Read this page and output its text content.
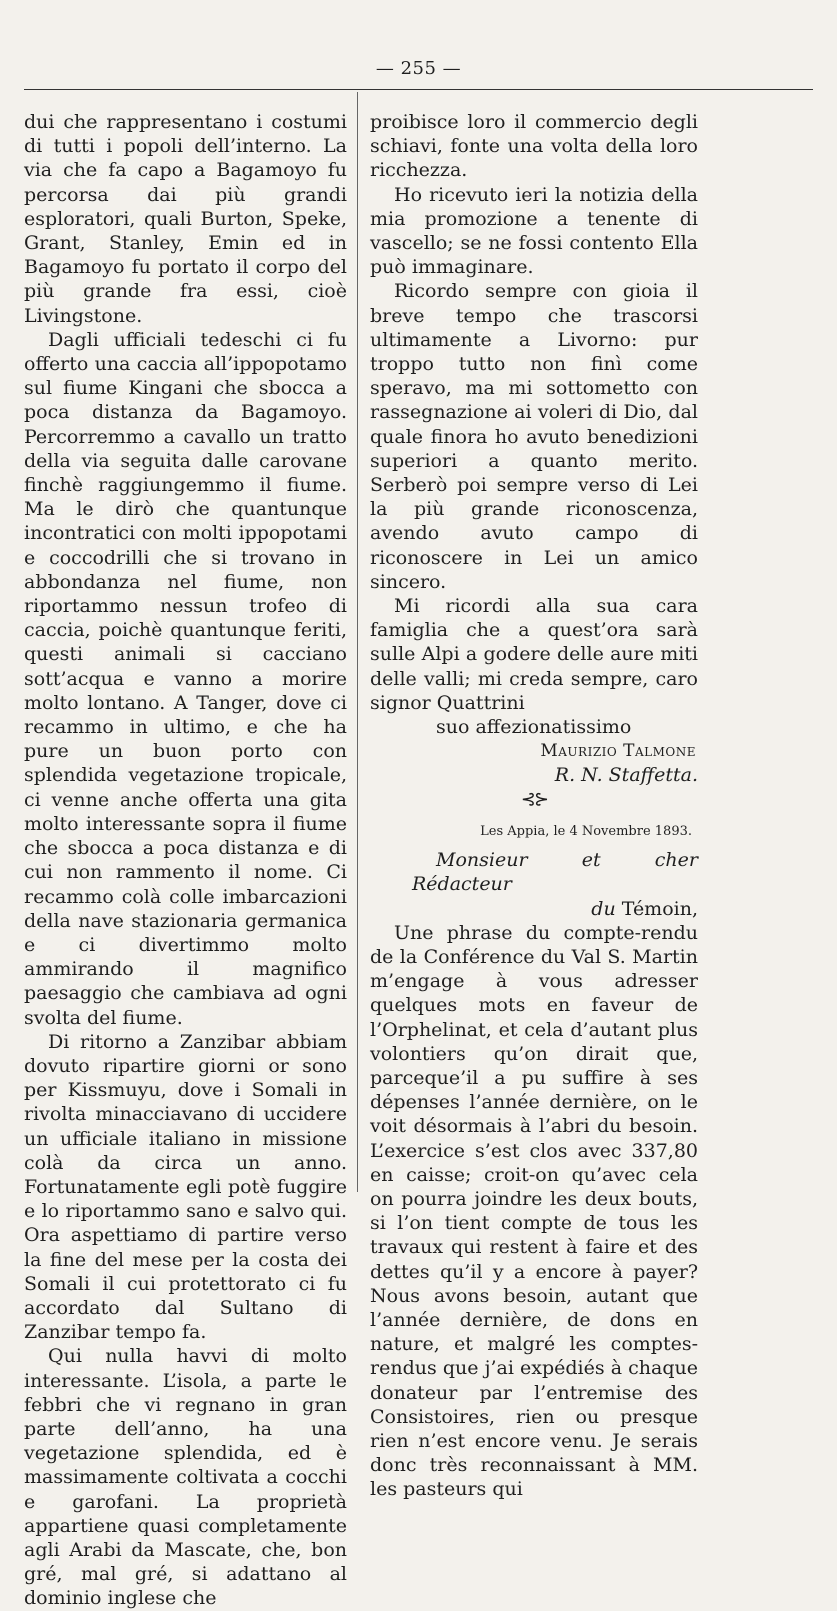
— 255 —

dui che rappresentano i costumi di tutti i popoli dell’interno. La via che fa capo a Bagamoyo fu percorsa dai più grandi esploratori, quali Burton, Speke, Grant, Stanley, Emin ed in Bagamoyo fu portato il corpo del più grande fra essi, cioè Livingstone.

Dagli ufficiali tedeschi ci fu offerto una caccia all’ippopotamo sul fiume Kingani che sbocca a poca distanza da Bagamoyo. Percorremmo a cavallo un tratto della via seguita dalle carovane finchè raggiungemmo il fiume. Ma le dirò che quantunque incontratici con molti ippopotami e coccodrilli che si trovano in abbondanza nel fiume, non riportammo nessun trofeo di caccia, poichè quantunque feriti, questi animali si cacciano sott’acqua e vanno a morire molto lontano. A Tanger, dove ci recammo in ultimo, e che ha pure un buon porto con splendida vegetazione tropicale, ci venne anche offerta una gita molto interessante sopra il fiume che sbocca a poca distanza e di cui non rammento il nome. Ci recammo colà colle imbarcazioni della nave stazionaria germanica e ci divertimmo molto ammirando il magnifico paesaggio che cambiava ad ogni svolta del fiume.

Di ritorno a Zanzibar abbiam dovuto ripartire giorni or sono per Kissmuyu, dove i Somali in rivolta minacciavano di uccidere un ufficiale italiano in missione colà da circa un anno. Fortunatamente egli potè fuggire e lo riportammo sano e salvo qui. Ora aspettiamo di partire verso la fine del mese per la costa dei Somali il cui protettorato ci fu accordato dal Sultano di Zanzibar tempo fa.

Qui nulla havvi di molto interessante. L’isola, a parte le febbri che vi regnano in gran parte dell’anno, ha una vegetazione splendida, ed è massimamente coltivata a cocchi e garofani. La proprietà appartiene quasi completamente agli Arabi da Mascate, che, bon gré, mal gré, si adattano al dominio inglese che

proibisce loro il commercio degli schiavi, fonte una volta della loro ricchezza.

Ho ricevuto ieri la notizia della mia promozione a tenente di vascello; se ne fossi contento Ella può immaginare.

Ricordo sempre con gioia il breve tempo che trascorsi ultimamente a Livorno: pur troppo tutto non finì come speravo, ma mi sottometto con rassegnazione ai voleri di Dio, dal quale finora ho avuto benedizioni superiori a quanto merito. Serberò poi sempre verso di Lei la più grande riconoscenza, avendo avuto campo di riconoscere in Lei un amico sincero.

Mi ricordi alla sua cara famiglia che a quest’ora sarà sulle Alpi a godere delle aure miti delle valli; mi creda sempre, caro signor Quattrini

suo affezionatissimo

Maurizio Talmone

R. N. Staffetta.

⊰⊱
Les Appia, le 4 Novembre 1893.

Monsieur et cher Rédacteur

du Témoin,

Une phrase du compte-rendu de la Conférence du Val S. Martin m’engage à vous adresser quelques mots en faveur de l’Orphelinat, et cela d’autant plus volontiers qu’on dirait que, parceque’il a pu suffire à ses dépenses l’année dernière, on le voit désormais à l’abri du besoin. L’exercice s’est clos avec 337,80 en caisse; croit-on qu’avec cela on pourra joindre les deux bouts, si l’on tient compte de tous les travaux qui restent à faire et des dettes qu’il y a encore à payer? Nous avons besoin, autant que l’année dernière, de dons en nature, et malgré les comptes-rendus que j’ai expédiés à chaque donateur par l’entremise des Consistoires, rien ou presque rien n’est encore venu. Je serais donc très reconnaissant à MM. les pasteurs qui
